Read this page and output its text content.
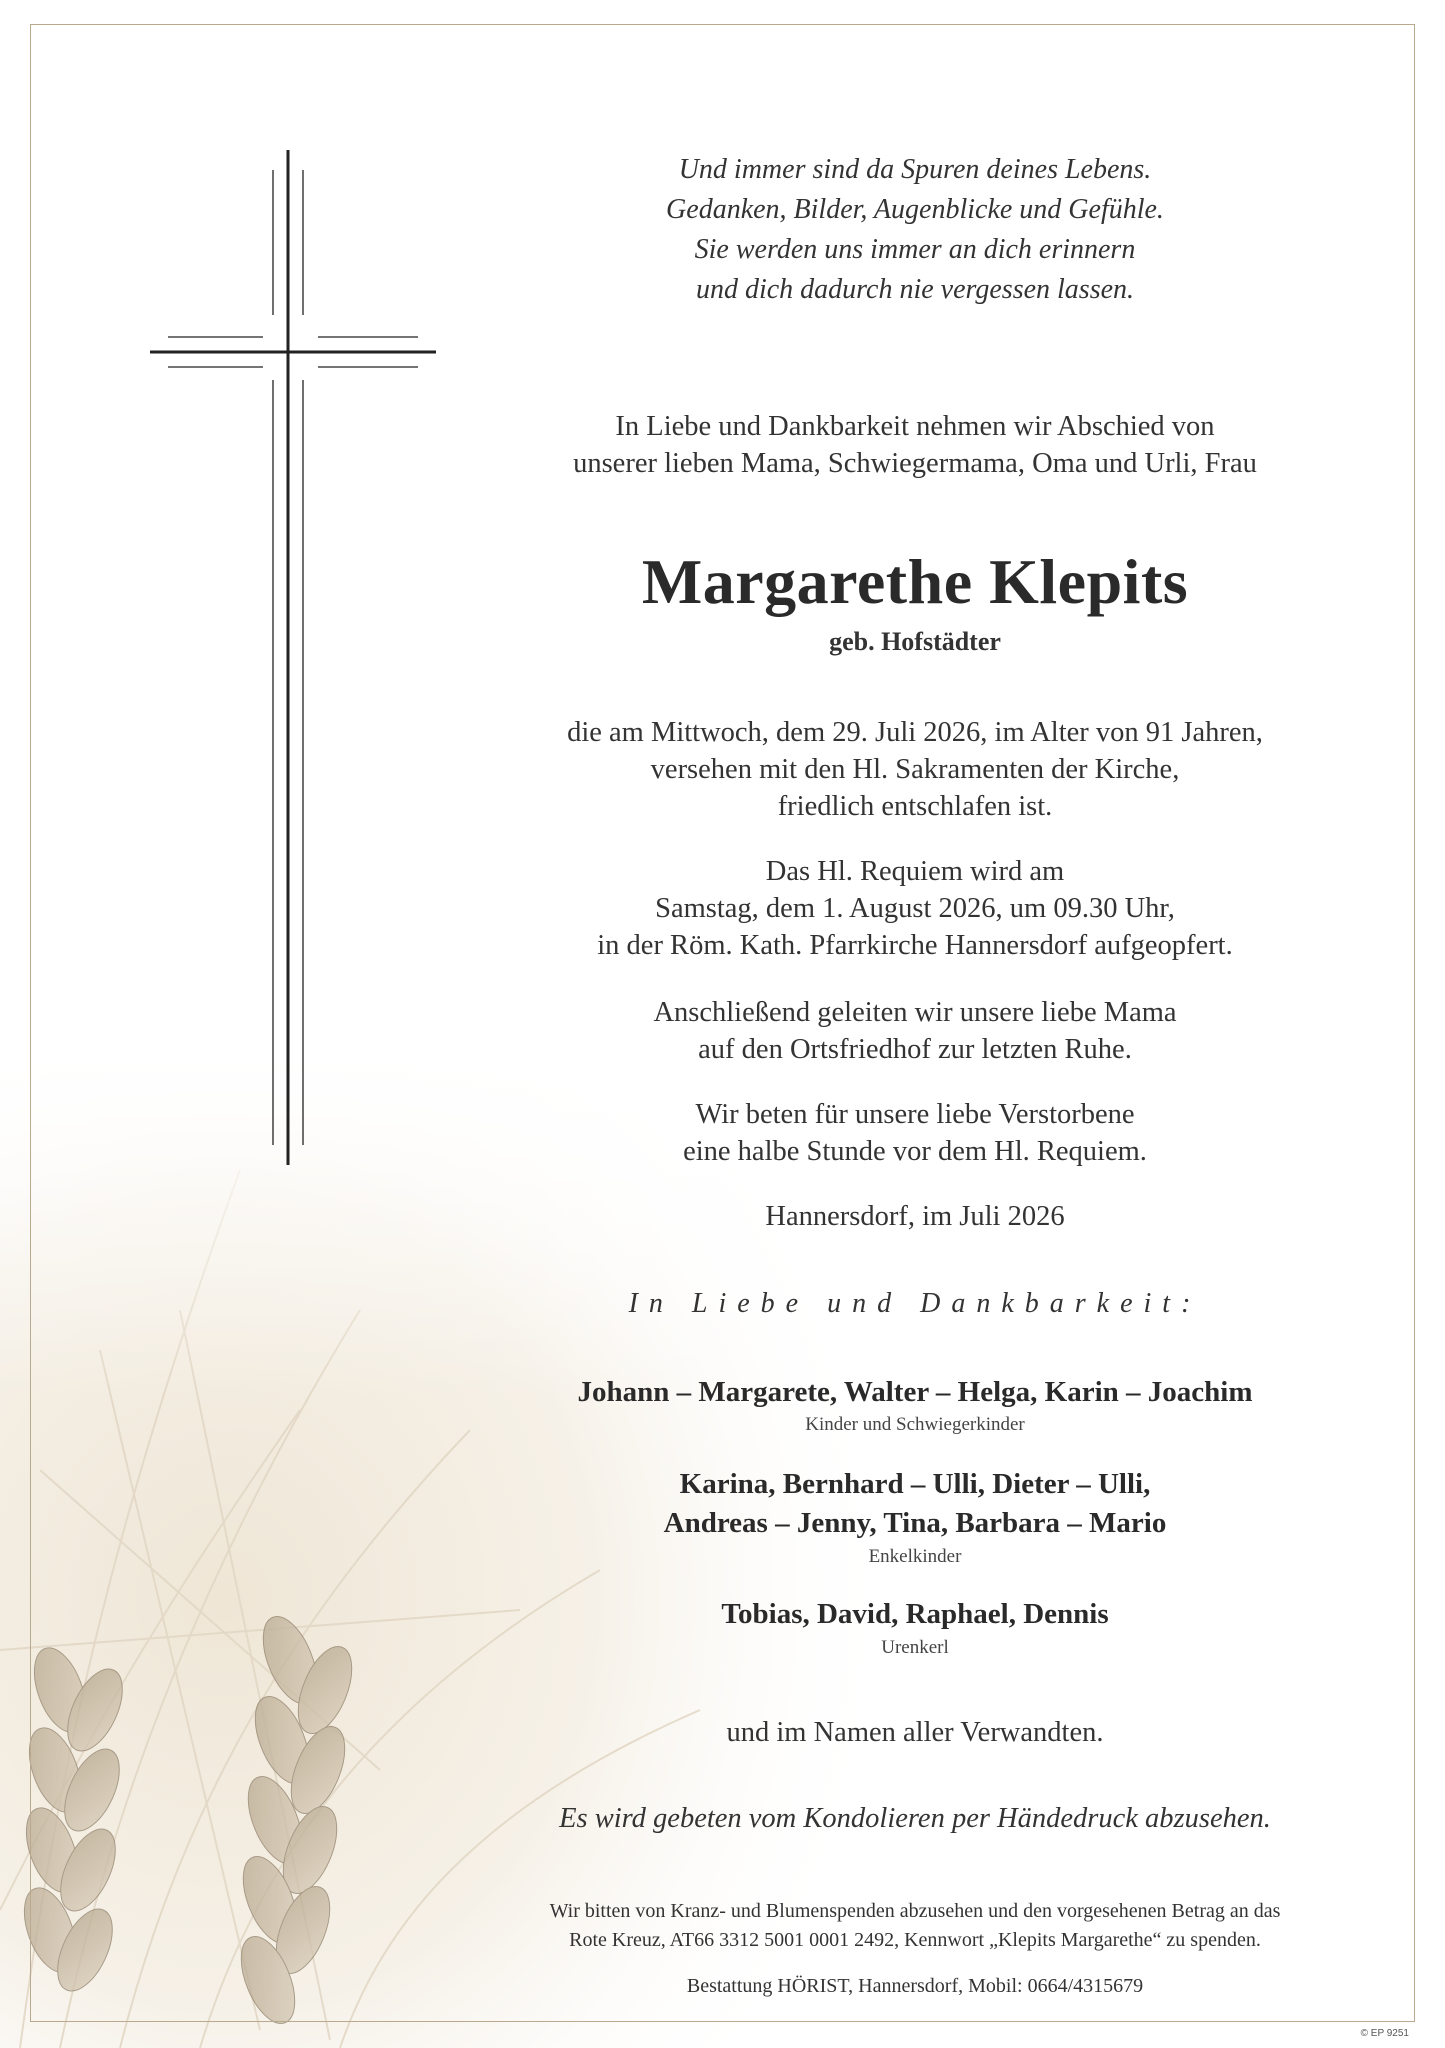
Und immer sind da Spuren deines Lebens.
Gedanken, Bilder, Augenblicke und Gefühle.
Sie werden uns immer an dich erinnern
und dich dadurch nie vergessen lassen.
In Liebe und Dankbarkeit nehmen wir Abschied von
unserer lieben Mama, Schwiegermama, Oma und Urli, Frau
Margarethe Klepits
geb. Hofstädter
die am Mittwoch, dem 29. Juli 2026, im Alter von 91 Jahren,
versehen mit den Hl. Sakramenten der Kirche,
friedlich entschlafen ist.
Das Hl. Requiem wird am
Samstag, dem 1. August 2026, um 09.30 Uhr,
in der Röm. Kath. Pfarrkirche Hannersdorf aufgeopfert.
Anschließend geleiten wir unsere liebe Mama
auf den Ortsfriedhof zur letzten Ruhe.
Wir beten für unsere liebe Verstorbene
eine halbe Stunde vor dem Hl. Requiem.
Hannersdorf, im Juli 2026
In Liebe und Dankbarkeit:
Johann – Margarete, Walter – Helga, Karin – Joachim
Kinder und Schwiegerkinder
Karina, Bernhard – Ulli, Dieter – Ulli,
Andreas – Jenny, Tina, Barbara – Mario
Enkelkinder
Tobias, David, Raphael, Dennis
Urenkerl
und im Namen aller Verwandten.
Es wird gebeten vom Kondolieren per Händedruck abzusehen.
Wir bitten von Kranz- und Blumenspenden abzusehen und den vorgesehenen Betrag an das
Rote Kreuz, AT66 3312 5001 0001 2492, Kennwort „Klepits Margarethe“ zu spenden.
Bestattung HÖRIST, Hannersdorf, Mobil: 0664/4315679
© EP 9251
